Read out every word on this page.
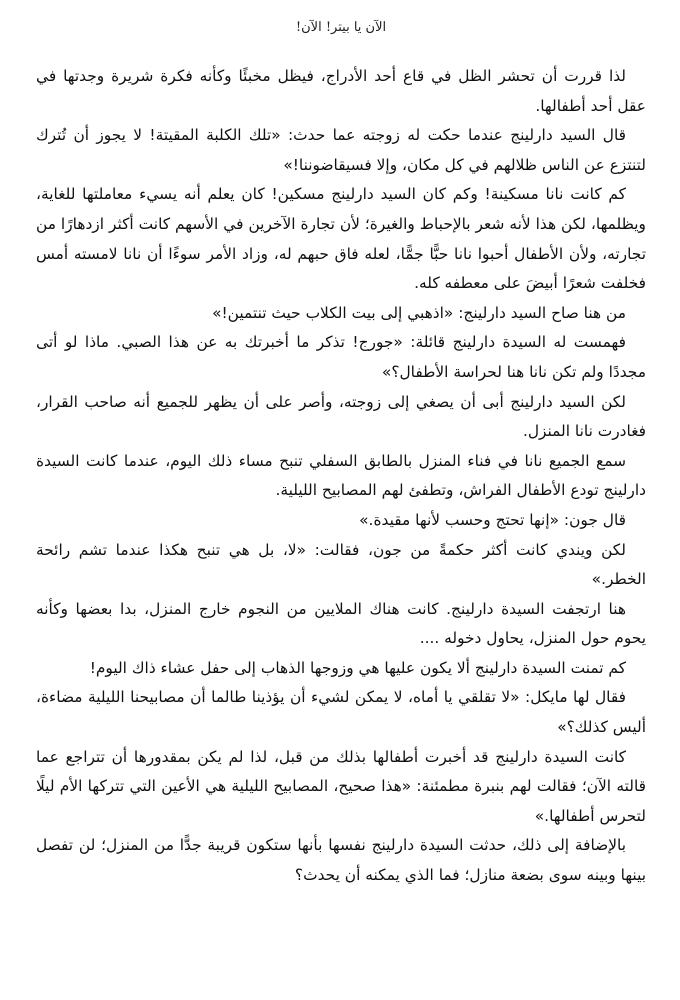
الآن يا بيتر! الآن!

لذا قررت أن تحشر الظل في قاع أحد الأدراج، فيظل مخبئًا وكأنه فكرة شريرة وجدتها في عقل أحد أطفالها.

قال السيد دارلينج عندما حكت له زوجته عما حدث: «تلك الكلبة المقيتة! لا يجوز أن تُترك لتنتزع عن الناس ظلالهم في كل مكان، وإلا فسيقاضوننا!»

كم كانت نانا مسكينة! وكم كان السيد دارلينج مسكين! كان يعلم أنه يسيء معاملتها للغاية، ويظلمها، لكن هذا لأنه شعر بالإحباط والغيرة؛ لأن تجارة الآخرين في الأسهم كانت أكثر ازدهارًا من تجارته، ولأن الأطفال أحبوا نانا حبًّا جمًّا، لعله فاق حبهم له، وزاد الأمر سوءًا أن نانا لامسته أمس فخلفت شعرًا أبيضَ على معطفه كله.

من هنا صاح السيد دارلينج: «اذهبي إلى بيت الكلاب حيث تنتمين!»

فهمست له السيدة دارلينج قائلة: «جورج! تذكر ما أخبرتك به عن هذا الصبي. ماذا لو أتى مجددًا ولم تكن نانا هنا لحراسة الأطفال؟»

لكن السيد دارلينج أبى أن يصغي إلى زوجته، وأصر على أن يظهر للجميع أنه صاحب القرار، فغادرت نانا المنزل.

سمع الجميع نانا في فناء المنزل بالطابق السفلي تنبح مساء ذلك اليوم، عندما كانت السيدة دارلينج تودع الأطفال الفراش، وتطفئ لهم المصابيح الليلية.

قال جون: «إنها تحتج وحسب لأنها مقيدة.»

لكن ويندي كانت أكثر حكمةً من جون، فقالت: «لا، بل هي تنبح هكذا عندما تشم رائحة الخطر.»

هنا ارتجفت السيدة دارلينج. كانت هناك الملايين من النجوم خارج المنزل، بدا بعضها وكأنه يحوم حول المنزل، يحاول دخوله ....

كم تمنت السيدة دارلينج ألا يكون عليها هي وزوجها الذهاب إلى حفل عشاء ذاك اليوم!

فقال لها مايكل: «لا تقلقي يا أماه، لا يمكن لشيء أن يؤذينا طالما أن مصابيحنا الليلية مضاءة، أليس كذلك؟»

كانت السيدة دارلينج قد أخبرت أطفالها بذلك من قبل، لذا لم يكن بمقدورها أن تتراجع عما قالته الآن؛ فقالت لهم بنبرة مطمئنة: «هذا صحيح، المصابيح الليلية هي الأعين التي تتركها الأم ليلًا لتحرس أطفالها.»

بالإضافة إلى ذلك، حدثت السيدة دارلينج نفسها بأنها ستكون قريبة جدًّا من المنزل؛ لن تفصل بينها وبينه سوى بضعة منازل؛ فما الذي يمكنه أن يحدث؟
